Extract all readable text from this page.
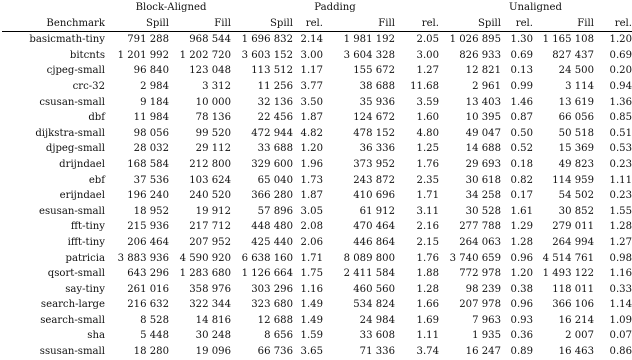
	Block-Aligned		Padding				Unaligned			
Benchmark	Spill	Fill	Spill	rel.	Fill	rel.	Spill	rel.	Fill	rel.
basicmath-tiny	791 288	968 544	1 696 832	2.14	1 981 192	2.05	1 026 895	1.30	1 165 108	1.20
bitcnts	1 201 992	1 202 720	3 603 152	3.00	3 604 328	3.00	826 933	0.69	827 437	0.69
cjpeg-small	96 840	123 048	113 512	1.17	155 672	1.27	12 821	0.13	24 500	0.20
crc-32	2 984	3 312	11 256	3.77	38 688	11.68	2 961	0.99	3 114	0.94
csusan-small	9 184	10 000	32 136	3.50	35 936	3.59	13 403	1.46	13 619	1.36
dbf	11 984	78 136	22 456	1.87	124 672	1.60	10 395	0.87	66 056	0.85
dijkstra-small	98 056	99 520	472 944	4.82	478 152	4.80	49 047	0.50	50 518	0.51
djpeg-small	28 032	29 112	33 688	1.20	36 336	1.25	14 688	0.52	15 369	0.53
drijndael	168 584	212 800	329 600	1.96	373 952	1.76	29 693	0.18	49 823	0.23
ebf	37 536	103 624	65 040	1.73	243 872	2.35	30 618	0.82	114 959	1.11
erijndael	196 240	240 520	366 280	1.87	410 696	1.71	34 258	0.17	54 502	0.23
esusan-small	18 952	19 912	57 896	3.05	61 912	3.11	30 528	1.61	30 852	1.55
fft-tiny	215 936	217 712	448 480	2.08	470 464	2.16	277 788	1.29	279 011	1.28
ifft-tiny	206 464	207 952	425 440	2.06	446 864	2.15	264 063	1.28	264 994	1.27
patricia	3 883 936	4 590 920	6 638 160	1.71	8 089 800	1.76	3 740 659	0.96	4 514 761	0.98
qsort-small	643 296	1 283 680	1 126 664	1.75	2 411 584	1.88	772 978	1.20	1 493 122	1.16
say-tiny	261 016	358 976	303 296	1.16	460 560	1.28	98 239	0.38	118 011	0.33
search-large	216 632	322 344	323 680	1.49	534 824	1.66	207 978	0.96	366 106	1.14
search-small	8 528	14 816	12 688	1.49	24 984	1.69	7 963	0.93	16 214	1.09
sha	5 448	30 248	8 656	1.59	33 608	1.11	1 935	0.36	2 007	0.07
ssusan-small	18 280	19 096	66 736	3.65	71 336	3.74	16 247	0.89	16 463	0.86
